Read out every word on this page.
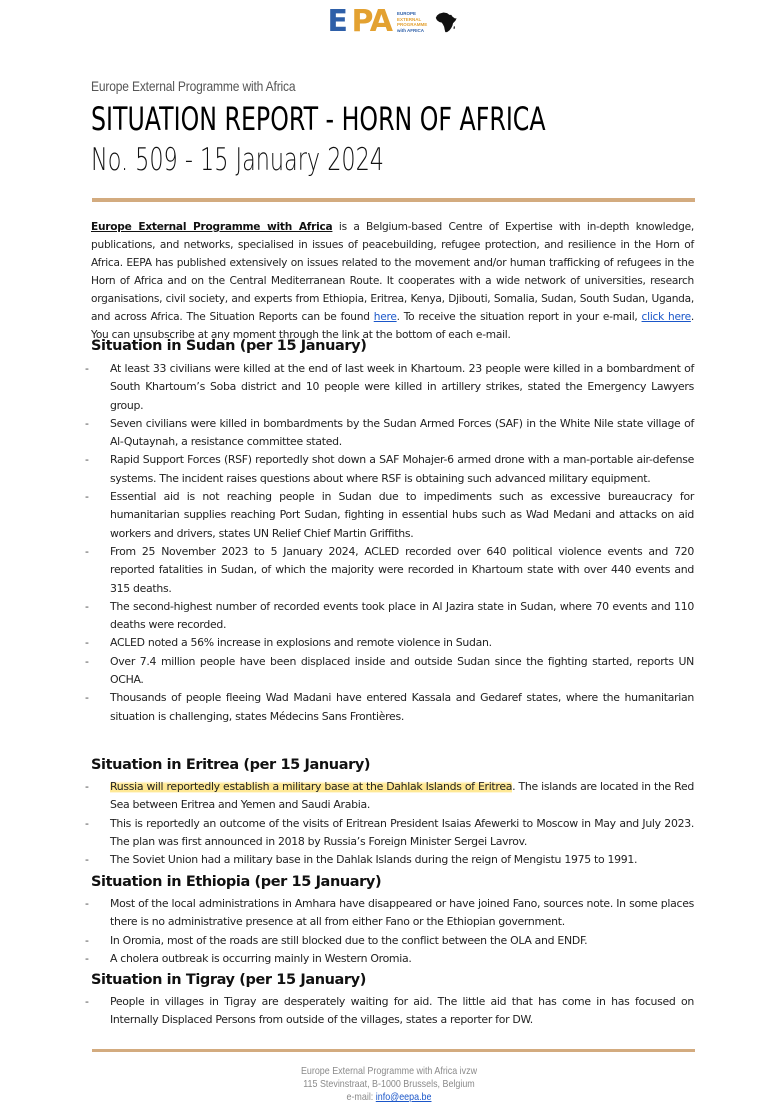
Ǝ PA EUROPE
EXTERNAL
PROGRAMME
with AFRICA
Europe External Programme with Africa
SITUATION REPORT - HORN OF AFRICA
No. 509 - 15 January 2024
Europe External Programme with Africa is a Belgium-based Centre of Expertise with in-depth knowledge, publications, and networks, specialised in issues of peacebuilding, refugee protection, and resilience in the Horn of Africa. EEPA has published extensively on issues related to the movement and/or human trafficking of refugees in the Horn of Africa and on the Central Mediterranean Route. It cooperates with a wide network of universities, research organisations, civil society, and experts from Ethiopia, Eritrea, Kenya, Djibouti, Somalia, Sudan, South Sudan, Uganda, and across Africa. The Situation Reports can be found here. To receive the situation report in your e-mail, click here. You can unsubscribe at any moment through the link at the bottom of each e-mail.
Situation in Sudan (per 15 January)
- At least 33 civilians were killed at the end of last week in Khartoum. 23 people were killed in a bombardment of South Khartoum’s Soba district and 10 people were killed in artillery strikes, stated the Emergency Lawyers group.
- Seven civilians were killed in bombardments by the Sudan Armed Forces (SAF) in the White Nile state village of Al-Qutaynah, a resistance committee stated.
- Rapid Support Forces (RSF) reportedly shot down a SAF Mohajer-6 armed drone with a man-portable air-defense systems. The incident raises questions about where RSF is obtaining such advanced military equipment.
- Essential aid is not reaching people in Sudan due to impediments such as excessive bureaucracy for humanitarian supplies reaching Port Sudan, fighting in essential hubs such as Wad Medani and attacks on aid workers and drivers, states UN Relief Chief Martin Griffiths.
- From 25 November 2023 to 5 January 2024, ACLED recorded over 640 political violence events and 720 reported fatalities in Sudan, of which the majority were recorded in Khartoum state with over 440 events and 315 deaths.
- The second-highest number of recorded events took place in Al Jazira state in Sudan, where 70 events and 110 deaths were recorded.
- ACLED noted a 56% increase in explosions and remote violence in Sudan.
- Over 7.4 million people have been displaced inside and outside Sudan since the fighting started, reports UN OCHA.
- Thousands of people fleeing Wad Madani have entered Kassala and Gedaref states, where the humanitarian situation is challenging, states Médecins Sans Frontières.
Situation in Eritrea (per 15 January)
- Russia will reportedly establish a military base at the Dahlak Islands of Eritrea. The islands are located in the Red Sea between Eritrea and Yemen and Saudi Arabia.
- This is reportedly an outcome of the visits of Eritrean President Isaias Afewerki to Moscow in May and July 2023. The plan was first announced in 2018 by Russia’s Foreign Minister Sergei Lavrov.
- The Soviet Union had a military base in the Dahlak Islands during the reign of Mengistu 1975 to 1991.
Situation in Ethiopia (per 15 January)
- Most of the local administrations in Amhara have disappeared or have joined Fano, sources note. In some places there is no administrative presence at all from either Fano or the Ethiopian government.
- In Oromia, most of the roads are still blocked due to the conflict between the OLA and ENDF.
- A cholera outbreak is occurring mainly in Western Oromia.
Situation in Tigray (per 15 January)
- People in villages in Tigray are desperately waiting for aid. The little aid that has come in has focused on Internally Displaced Persons from outside of the villages, states a reporter for DW.
Europe External Programme with Africa ivzw
115 Stevinstraat, B-1000 Brussels, Belgium
e-mail: info@eepa.be
